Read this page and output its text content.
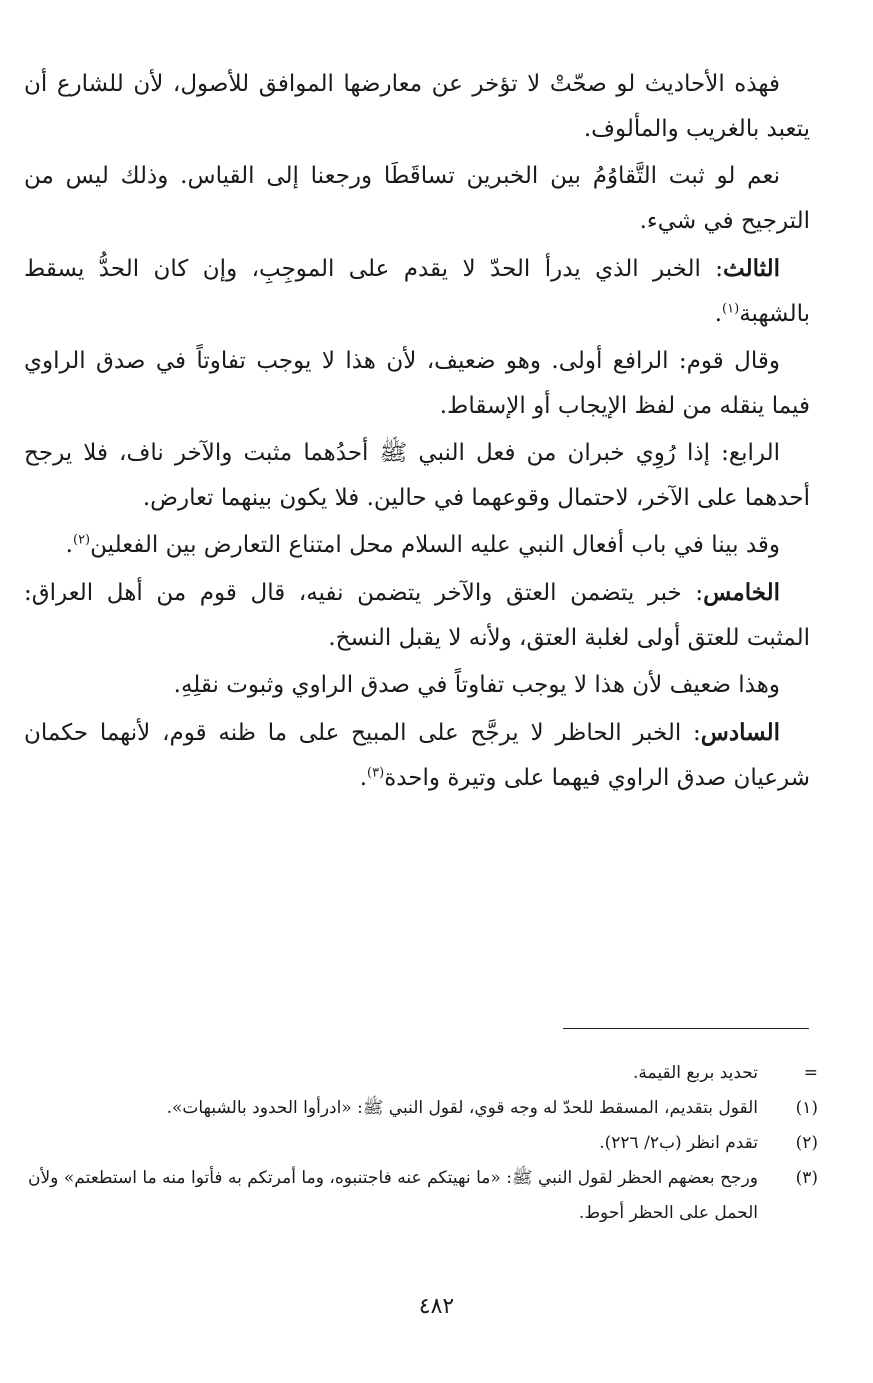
فهذه الأحاديث لو صحّتْ لا تؤخر عن معارضها الموافق للأصول، لأن للشارع أن يتعبد بالغريب والمألوف.

نعم لو ثبت التَّقاوُمُ بين الخبرين تساقَطَا ورجعنا إلى القياس. وذلك ليس من الترجيح في شيء.

الثالث: الخبر الذي يدرأ الحدّ لا يقدم على الموجِبِ، وإن كان الحدُّ يسقط بالشهبة$^{(١)}$.

وقال قوم: الرافع أولى. وهو ضعيف، لأن هذا لا يوجب تفاوتاً في صدق الراوي فيما ينقله من لفظ الإيجاب أو الإسقاط.

الرابع: إذا رُوِي خبران من فعل النبي ﷺ أحدُهما مثبت والآخر ناف، فلا يرجح أحدهما على الآخر، لاحتمال وقوعهما في حالين. فلا يكون بينهما تعارض.

وقد بينا في باب أفعال النبي عليه السلام محل امتناع التعارض بين الفعلين$^{(٢)}$.

الخامس: خبر يتضمن العتق والآخر يتضمن نفيه، قال قوم من أهل العراق: المثبت للعتق أولى لغلبة العتق، ولأنه لا يقبل النسخ.

وهذا ضعيف لأن هذا لا يوجب تفاوتاً في صدق الراوي وثبوت نقلِهِ.

السادس: الخبر الحاظر لا يرجَّح على المبيح على ما ظنه قوم، لأنهما حكمان شرعيان صدق الراوي فيهما على وتيرة واحدة$^{(٣)}$.

=
تحديد بربع القيمة.
(١)
القول بتقديم، المسقط للحدّ له وجه قوي، لقول النبي ﷺ: «ادرأوا الحدود بالشبهات».
(٢)
تقدم انظر (ب٢/ ٢٢٦).
(٣)
ورجح بعضهم الحظر لقول النبي ﷺ: «ما نهيتكم عنه فاجتنبوه، وما أمرتكم به فأتوا منه ما استطعتم» ولأن الحمل على الحظر أحوط.
٤٨٢
